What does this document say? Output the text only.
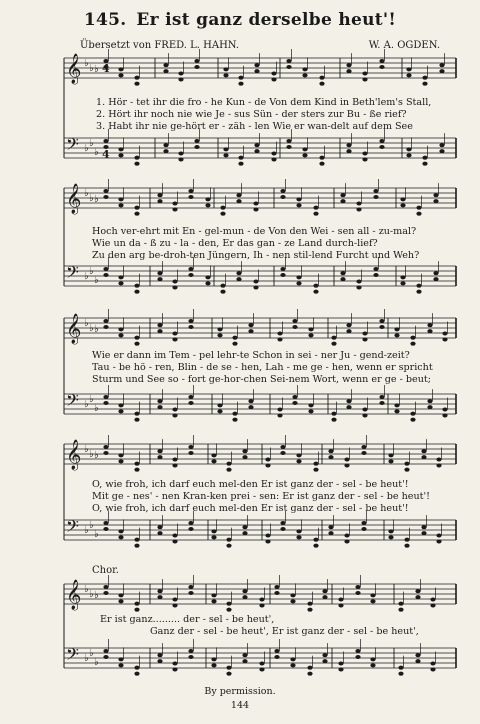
145. Er ist ganz derselbe heut'!
Übersetzt von FRED. L. HAHN.	W. A. OGDEN.
𝄞 ♭ ♭ ♭
𝄢 ♭ ♭
♭
𝄞 ♭ ♭ ♭
𝄢 ♭ ♭
♭
𝄞 ♭ ♭ ♭
𝄢 ♭ ♭
♭
𝄞 ♭ ♭ ♭
𝄢 ♭ ♭
♭
𝄞 ♭ ♭ ♭
𝄢 ♭ ♭
♭
4
4
1. Hör - tet ihr die fro - he Kun - de Von dem Kind in Beth'lem's Stall,
2. Hört ihr noch nie wie Je - sus Sün - der sters zur Bu - ße rief?
3. Habt ihr nie ge-hört er - zäh - len Wie er wan-delt auf dem See
Hoch ver-ehrt mit En - gel-mun - de Von den Wei - sen all - zu-mal?
Wie un da - ß zu - la - den, Er das gan - ze Land durch-lief?
Zu den arg be-droh-ten Jüngern, Ih - nen stil-lend Furcht und Weh?
Wie er dann im Tem - pel lehr-te Schon in sei - ner Ju - gend-zeit?
Tau - be hö - ren, Blin - de se - hen, Lah - me ge - hen, wenn er spricht
Sturm und See so - fort ge-hor-chen Sei-nem Wort, wenn er ge - beut;
O, wie froh, ich darf euch mel-den Er ist ganz der - sel - be heut'!
Mit ge - nes' - nen Kran-ken prei - sen: Er ist ganz der - sel - be heut'!
O, wie froh, ich darf euch mel-den Er ist ganz der - sel - be heut'!
Chor.
Er ist ganz......... der - sel - be heut',
Ganz der - sel - be heut', Er ist ganz der - sel - be heut',
By permission.
144
